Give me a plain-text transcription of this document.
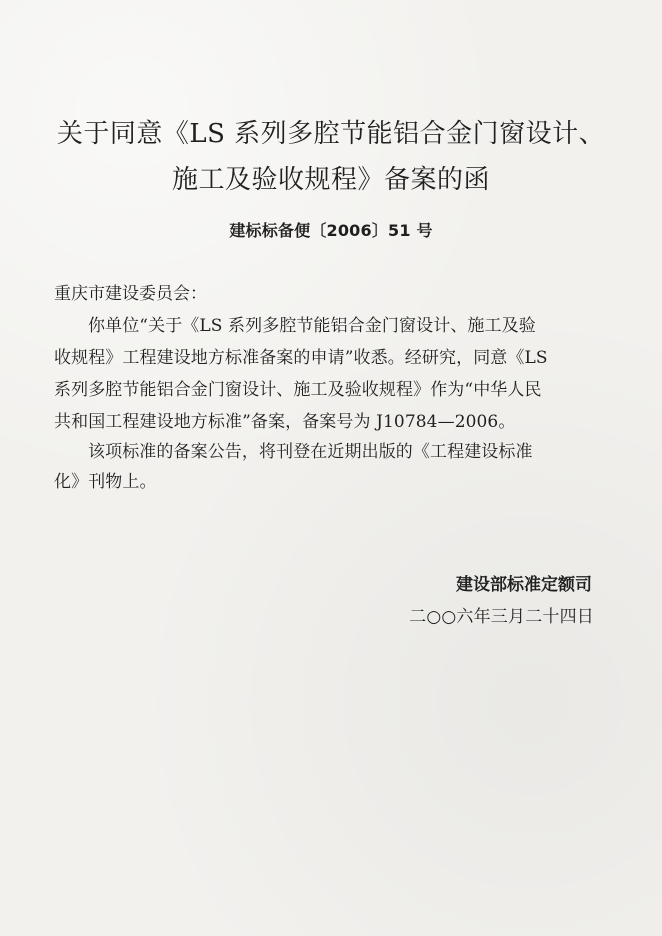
关于同意《LS 系列多腔节能铝合金门窗设计、
施工及验收规程》备案的函
建标标备便〔2006〕51 号
重庆市建设委员会：
你单位“关于《LS 系列多腔节能铝合金门窗设计、施工及验
收规程》工程建设地方标准备案的申请”收悉。经研究，同意《LS
系列多腔节能铝合金门窗设计、施工及验收规程》作为“中华人民
共和国工程建设地方标准”备案，备案号为 J10784—2006。
该项标准的备案公告，将刊登在近期出版的《工程建设标准
化》刊物上。
建设部标准定额司
二○○六年三月二十四日
